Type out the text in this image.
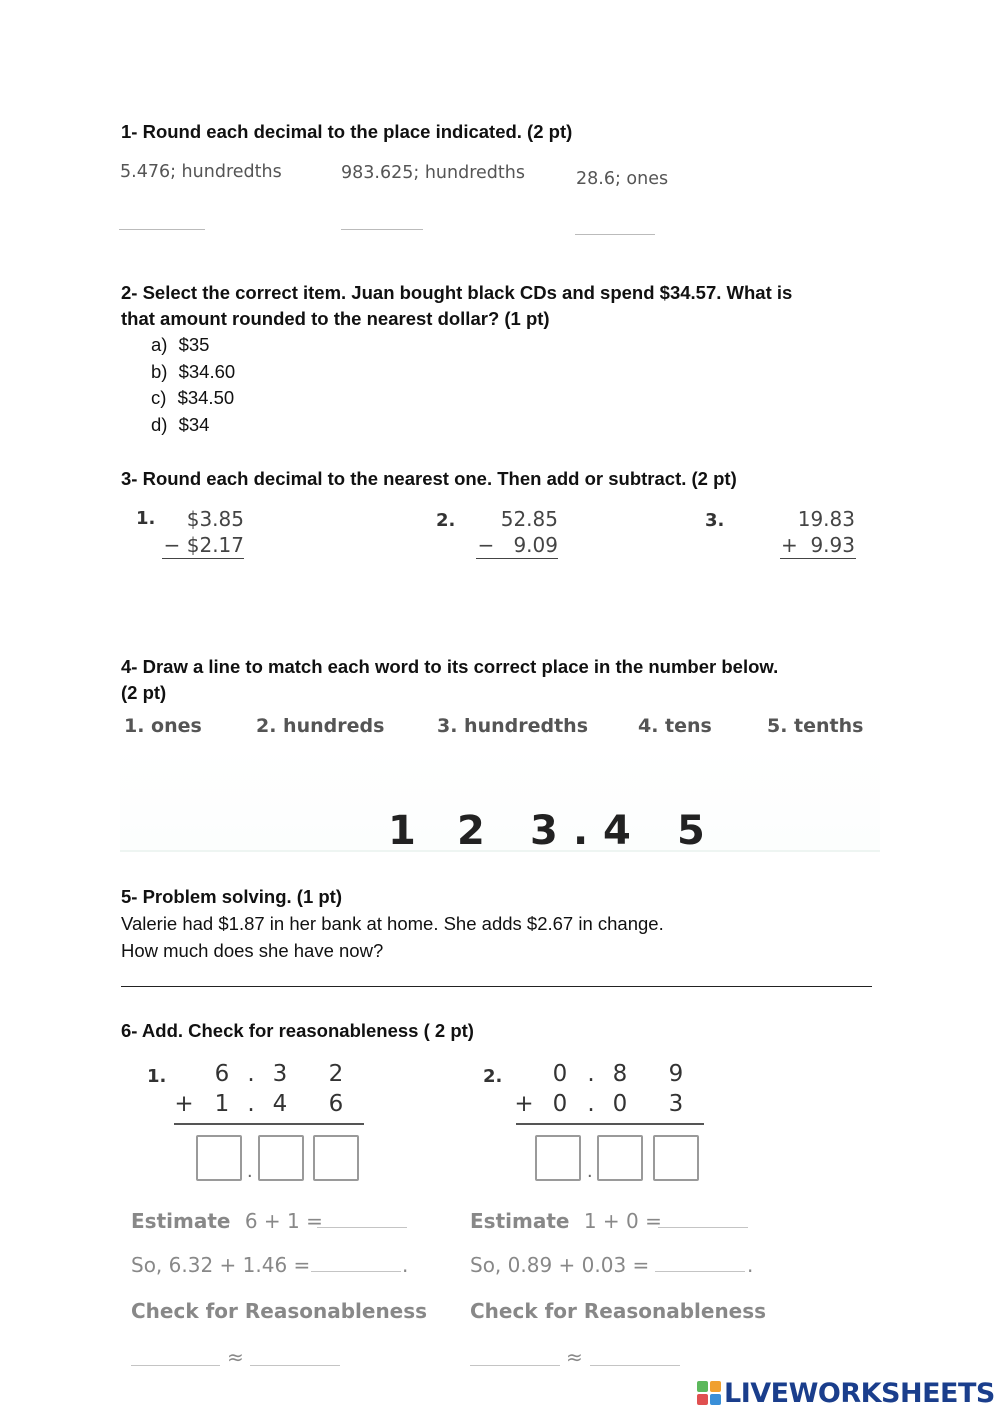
1- Round each decimal to the place indicated. (2 pt)
5.476; hundredths	983.625; hundredths	28.6; ones
2- Select the correct item. Juan bought black CDs and spend $34.57. What is
that amount rounded to the nearest dollar? (1 pt)
a) $35
b) $34.60
c) $34.50
d) $34
3- Round each decimal to the nearest one. Then add or subtract. (2 pt)
1.	$3.85
− $2.17
2.	52.85
−   9.09
3.	19.83
+  9.93
4- Draw a line to match each word to its correct place in the number below.
(2 pt)
1. ones	2. hundreds	3. hundredths	4. tens	5. tenths
1 2 3 . 4 5
5- Problem solving. (1 pt)
Valerie had $1.87 in her bank at home. She adds $2.67 in change.
How much does she have now?
6- Add. Check for reasonableness ( 2 pt)
1.	6 . 3	2
+ 1 . 4	6
.
Estimate 6 + 1 =
So, 6.32 + 1.46 =	.
Check for Reasonableness
≈
2.	0 . 8	9
+ 0 . 0	3
.
Estimate 1 + 0 =
So, 0.89 + 0.03 =	.
Check for Reasonableness
≈
LIVEWORKSHEETS
